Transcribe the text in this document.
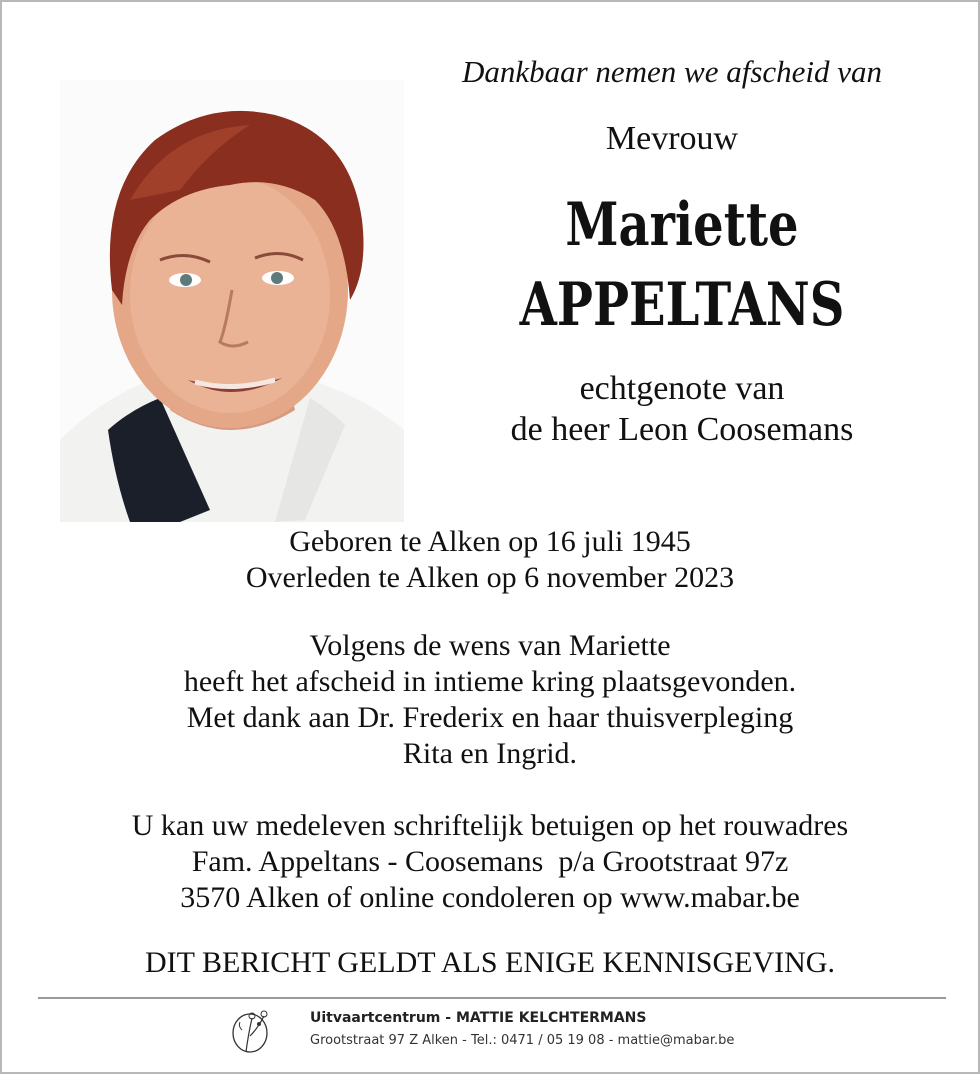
Dankbaar nemen we afscheid van
Mevrouw
Mariette
APPELTANS
echtgenote van
de heer Leon Coosemans
Geboren te Alken op 16 juli 1945
Overleden te Alken op 6 november 2023
Volgens de wens van Mariette
heeft het afscheid in intieme kring plaatsgevonden.
Met dank aan Dr. Frederix en haar thuisverpleging
Rita en Ingrid.
U kan uw medeleven schriftelijk betuigen op het rouwadres
Fam. Appeltans - Coosemans  p/a Grootstraat 97z
3570 Alken of online condoleren op www.mabar.be
DIT BERICHT GELDT ALS ENIGE KENNISGEVING.
Uitvaartcentrum - MATTIE KELCHTERMANS
Grootstraat 97 Z Alken - Tel.: 0471 / 05 19 08 - mattie@mabar.be
